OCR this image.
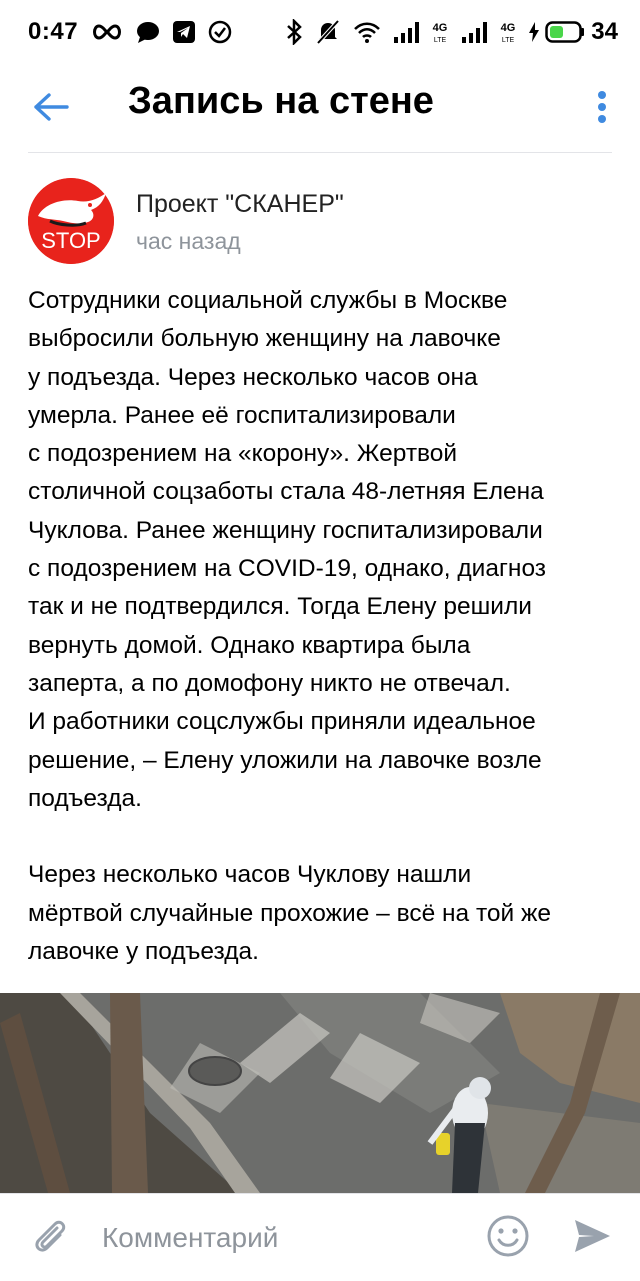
0:47	4G
LTE
4G
LTE	34
Запись на стене
STOP
Проект "СКАНЕР"
час назад

Сотрудники социальной службы в Москве
выбросили больную женщину на лавочке
у подъезда. Через несколько часов она
умерла. Ранее её госпитализировали
с подозрением на «корону». Жертвой
столичной соцзаботы стала 48-летняя Елена
Чуклова. Ранее женщину госпитализировали
с подозрением на COVID-19, однако, диагноз
так и не подтвердился. Тогда Елену решили
вернуть домой. Однако квартира была
заперта, а по домофону никто не отвечал.
И работники соцслужбы приняли идеальное
решение, – Елену уложили на лавочке возле
подъезда.

Через несколько часов Чуклову нашли
мёртвой случайные прохожие – всё на той же
лавочке у подъезда.

Комментарий
